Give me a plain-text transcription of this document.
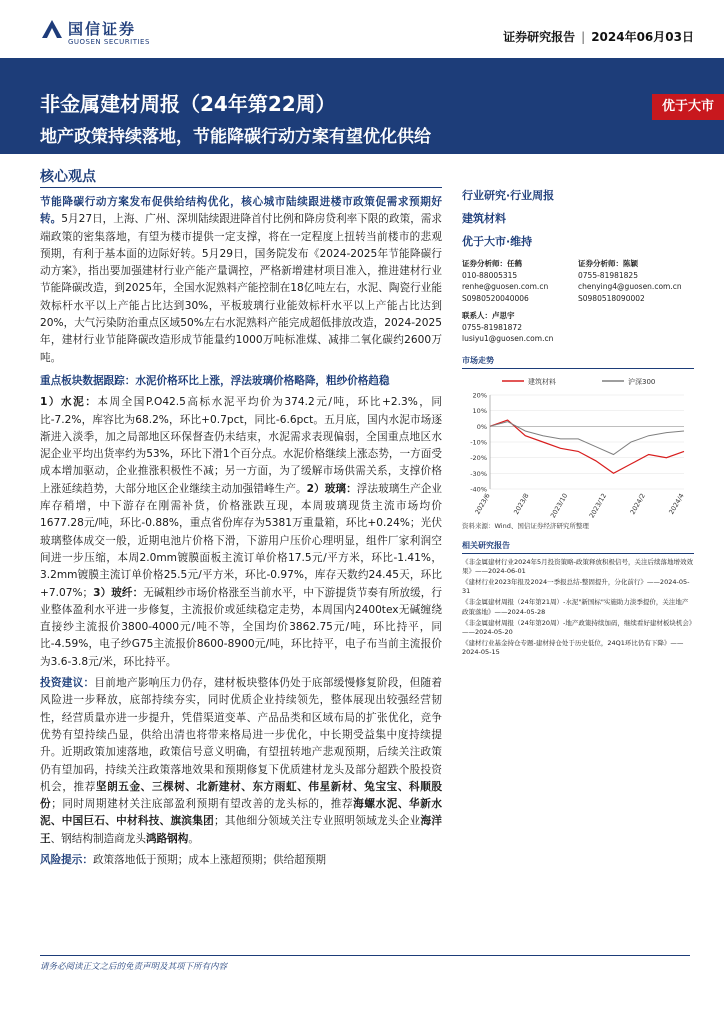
国信证券
GUOSEN SECURITIES	证券研究报告 | 2024年06月03日
非金属建材周报（24年第22周）
地产政策持续落地，节能降碳行动方案有望优化供给
优于大市
核心观点

节能降碳行动方案发布促供给结构优化，核心城市陆续跟进楼市政策促需求预期好转。5月27日，上海、广州、深圳陆续跟进降首付比例和降房贷利率下限的政策，需求端政策的密集落地，有望为楼市提供一定支撑，将在一定程度上扭转当前楼市的悲观预期，有利于基本面的边际好转。5月29日，国务院发布《2024-2025年节能降碳行动方案》，指出要加强建材行业产能产量调控，严格新增建材项目准入，推进建材行业节能降碳改造，到2025年，全国水泥熟料产能控制在18亿吨左右，水泥、陶瓷行业能效标杆水平以上产能占比达到30%，平板玻璃行业能效标杆水平以上产能占比达到20%，大气污染防治重点区域50%左右水泥熟料产能完成超低排放改造，2024-2025年，建材行业节能降碳改造形成节能量约1000万吨标准煤、减排二氧化碳约2600万吨。

重点板块数据跟踪：水泥价格环比上涨，浮法玻璃价格略降，粗纱价格趋稳

1）水泥：本周全国P.O42.5高标水泥平均价为374.2元/吨，环比+2.3%，同比-7.2%，库容比为68.2%，环比+0.7pct，同比-6.6pct。五月底，国内水泥市场逐渐进入淡季，加之局部地区环保督查仍未结束，水泥需求表现偏弱，全国重点地区水泥企业平均出货率约为53%，环比下滑1个百分点。水泥价格继续上涨态势，一方面受成本增加驱动，企业推涨积极性不减；另一方面，为了缓解市场供需关系，支撑价格上涨延续趋势，大部分地区企业继续主动加强错峰生产。2）玻璃：浮法玻璃生产企业库存稍增，中下游存在刚需补货，价格涨跌互现，本周玻璃现货主流市场均价1677.28元/吨，环比-0.88%，重点省份库存为5381万重量箱，环比+0.24%；光伏玻璃整体成交一般，近期电池片价格下滑，下游用户压价心理明显，组件厂家利润空间进一步压缩，本周2.0mm镀膜面板主流订单价格17.5元/平方米，环比-1.41%，3.2mm镀膜主流订单价格25.5元/平方米，环比-0.97%，库存天数约24.45天，环比+7.07%；3）玻纤：无碱粗纱市场价格涨至当前水平，中下游提货节奏有所放缓，行业整体盈利水平进一步修复，主流报价或延续稳定走势，本周国内2400tex无碱缠绕直接纱主流报价3800-4000元/吨不等，全国均价3862.75元/吨，环比持平，同比-4.59%，电子纱G75主流报价8600-8900元/吨，环比持平，电子布当前主流报价为3.6-3.8元/米，环比持平。

投资建议：目前地产影响压力仍存，建材板块整体仍处于底部缓慢修复阶段，但随着风险进一步释放，底部持续夯实，同时优质企业持续领先，整体展现出较强经营韧性，经营质量亦进一步提升，凭借渠道变革、产品品类和区域布局的扩张优化，竞争优势有望持续凸显，供给出清也将带来格局进一步优化，中长期受益集中度持续提升。近期政策加速落地，政策信号意义明确，有望扭转地产悲观预期，后续关注政策仍有望加码，持续关注政策落地效果和预期修复下优质建材龙头及部分超跌个股投资机会，推荐坚朗五金、三棵树、北新建材、东方雨虹、伟星新材、兔宝宝、科顺股份；同时周期建材关注底部盈利预期有望改善的龙头标的，推荐海螺水泥、华新水泥、中国巨石、中材科技、旗滨集团；其他细分领域关注专业照明领域龙头企业海洋王、钢结构制造商龙头鸿路钢构。

风险提示：政策落地低于预期；成本上涨超预期；供给超预期

行业研究·行业周报
建筑材料
优于大市·维持
证券分析师：任鹤
010-88005315
renhe@guosen.com.cn
S0980520040006
证券分析师：陈颖
0755-81981825
chenying4@guosen.com.cn
S0980518090002
联系人：卢思宇
0755-81981872
lusiyu1@guosen.com.cn
市场走势
建筑材料	沪深300
20%
10%
0%
-10%
-20%
-30%
-40%
2023/6	2023/8	2023/10	2023/12	2024/2	2024/4
资料来源：Wind、国信证券经济研究所整理
相关研究报告
《非金属建材行业2024年5月投资策略-政策释放积极信号，关注后续落地增效效果》——2024-06-01
《建材行业2023年报及2024一季报总结-整固提升，分化前行》——2024-05-31
《非金属建材周报（24年第21周）-水泥"新国标"实施助力淡季提价，关注地产政策落地》——2024-05-28
《非金属建材周报（24年第20周）-地产政策持续加码，继续看好建材板块机会》——2024-05-20
《建材行业基金持仓专题-建材持仓处于历史低位，24Q1环比仍有下降》——2024-05-15
请务必阅读正文之后的免责声明及其项下所有内容
